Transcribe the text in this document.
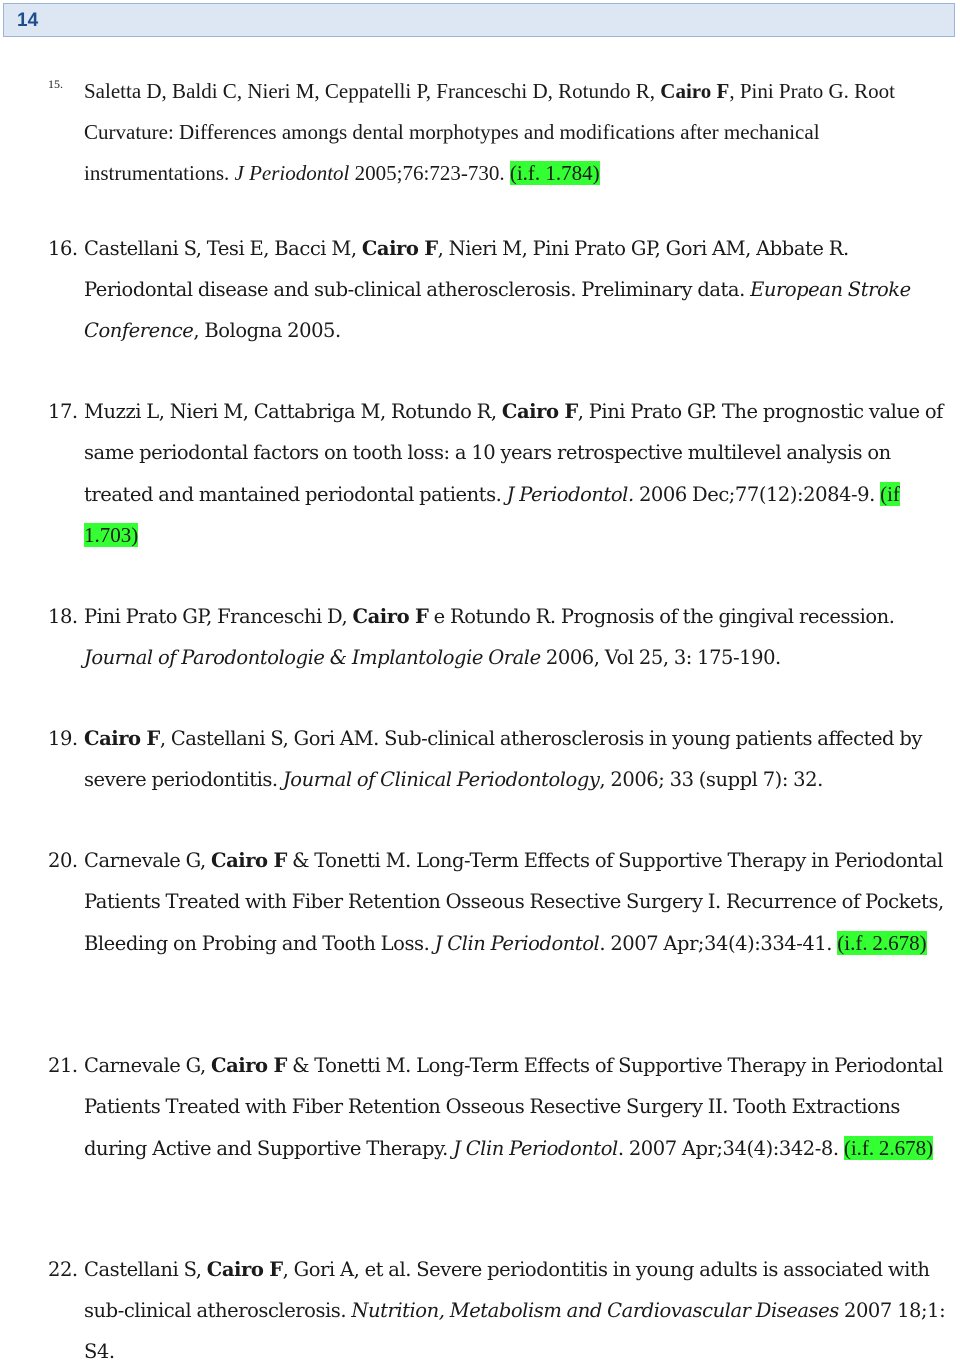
14
15. Saletta D, Baldi C, Nieri M, Ceppatelli P, Franceschi D, Rotundo R, Cairo F, Pini Prato G. Root Curvature: Differences amongs dental morphotypes and modifications after mechanical instrumentations. J Periodontol 2005;76:723-730. (i.f. 1.784)
16. Castellani S, Tesi E, Bacci M, Cairo F, Nieri M, Pini Prato GP, Gori AM, Abbate R. Periodontal disease and sub-clinical atherosclerosis. Preliminary data. European Stroke Conference, Bologna 2005.
17. Muzzi L, Nieri M, Cattabriga M, Rotundo R, Cairo F, Pini Prato GP. The prognostic value of same periodontal factors on tooth loss: a 10 years retrospective multilevel analysis on treated and mantained periodontal patients. J Periodontol. 2006 Dec;77(12):2084-9. (if 1.703)
18. Pini Prato GP, Franceschi D, Cairo F e Rotundo R. Prognosis of the gingival recession. Journal of Parodontologie & Implantologie Orale 2006, Vol 25, 3: 175-190.
19. Cairo F, Castellani S, Gori AM. Sub-clinical atherosclerosis in young patients affected by severe periodontitis. Journal of Clinical Periodontology, 2006; 33 (suppl 7): 32.
20. Carnevale G, Cairo F & Tonetti M. Long-Term Effects of Supportive Therapy in Periodontal Patients Treated with Fiber Retention Osseous Resective Surgery I. Recurrence of Pockets, Bleeding on Probing and Tooth Loss. J Clin Periodontol. 2007 Apr;34(4):334-41. (i.f. 2.678)
21. Carnevale G, Cairo F & Tonetti M. Long-Term Effects of Supportive Therapy in Periodontal Patients Treated with Fiber Retention Osseous Resective Surgery II. Tooth Extractions during Active and Supportive Therapy. J Clin Periodontol. 2007 Apr;34(4):342-8. (i.f. 2.678)
22. Castellani S, Cairo F, Gori A, et al. Severe periodontitis in young adults is associated with sub-clinical atherosclerosis. Nutrition, Metabolism and Cardiovascular Diseases 2007 18;1: S4.
